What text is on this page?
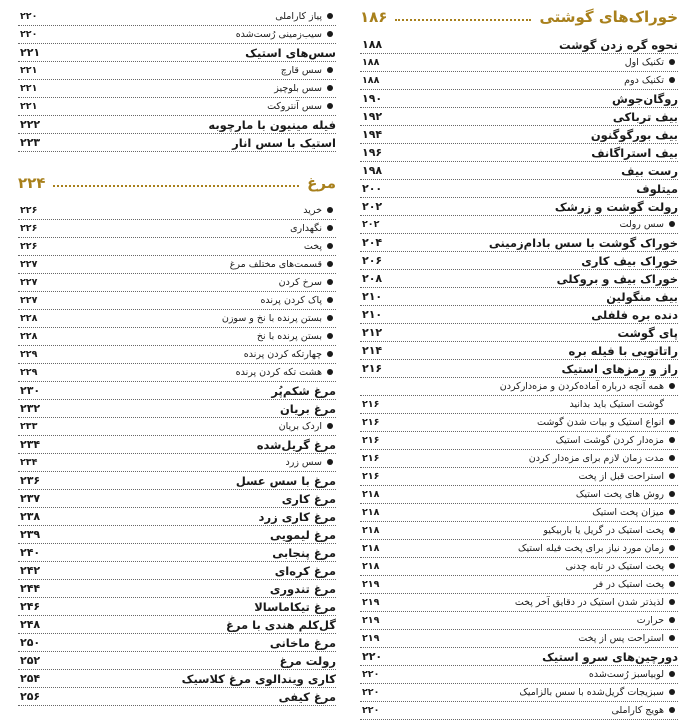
خوراک‌های گوشتی
۱۸۶
نحوه گره زدن گوشت
۱۸۸
تکنیک اول
۱۸۸
تکنیک دوم
۱۸۸
روگان‌جوش
۱۹۰
بیف ترباکی
۱۹۲
بیف بورگوگنون
۱۹۴
بیف استراگانف
۱۹۶
رست بیف
۱۹۸
میتلوف
۲۰۰
رولت گوشت و زرشک
۲۰۲
سس رولت
۲۰۲
خوراک گوشت با سس بادام‌زمینی
۲۰۴
خوراک بیف کاری
۲۰۶
خوراک بیف و بروکلی
۲۰۸
بیف منگولین
۲۱۰
دنده بره فلفلی
۲۱۰
پای گوشت
۲۱۲
راتاتویی با فیله بره
۲۱۴
راز و رمزهای استیک
۲۱۶
همه آنچه درباره آماده‌کردن و مزه‌دارکردن
گوشت استیک باید بدانید
۲۱۶
انواع استیک و بیات شدن گوشت
۲۱۶
مزه‌دار کردن گوشت استیک
۲۱۶
مدت زمان لازم برای مزه‌دار کردن
۲۱۶
استراحت قبل از پخت
۲۱۶
روش های پخت استیک
۲۱۸
میزان پخت استیک
۲۱۸
پخت استیک در گریل یا باربیکیو
۲۱۸
زمان مورد نیاز برای پخت فیله استیک
۲۱۸
پخت استیک در تابه چدنی
۲۱۸
پخت استیک در فر
۲۱۹
لذیذتر شدن استیک در دقایق آخر پخت
۲۱۹
حرارت
۲۱۹
استراحت پس از پخت
۲۱۹
دورچین‌های سرو استیک
۲۲۰
لوبیاسبز رُست‌شده
۲۲۰
سبزیجات گریل‌شده با سس بالزامیک
۲۲۰
هویج کاراملی
۲۲۰
پیاز کاراملی
۲۲۰
سیب‌زمینی رُست‌شده
۲۲۰
سس‌های استیک
۲۲۱
سس قارچ
۲۲۱
سس بلوچیز
۲۲۱
سس آنتروکت
۲۲۱
فیله مینیون با مارچوبه
۲۲۲
استیک با سس انار
۲۲۳
مرغ
۲۲۴
خرید
۲۲۶
نگهداری
۲۲۶
پخت
۲۲۶
قسمت‌های مختلف مرغ
۲۲۷
سرخ کردن
۲۲۷
پاک کردن پرنده
۲۲۷
بستن پرنده با نخ و سوزن
۲۲۸
بستن پرنده با نخ
۲۲۸
چهارتکه کردن پرنده
۲۲۹
هشت تکه کردن پرنده
۲۲۹
مرغ شکم‌پُر
۲۳۰
مرغ بریان
۲۳۲
اردک بریان
۲۳۳
مرغ گریل‌شده
۲۳۴
سس زرد
۲۳۴
مرغ با سس عسل
۲۳۶
مرغ کاری
۲۳۷
مرغ کاری زرد
۲۳۸
مرغ لیمویی
۲۳۹
مرغ پنجابی
۲۴۰
مرغ کره‌ای
۲۴۲
مرغ تندوری
۲۴۴
مرغ تیکاماسالا
۲۴۶
گل‌کلم هندی با مرغ
۲۴۸
مرغ ماخانی
۲۵۰
رولت مرغ
۲۵۲
کاری ویندالوی مرغ کلاسیک
۲۵۴
مرغ کیفی
۲۵۶
